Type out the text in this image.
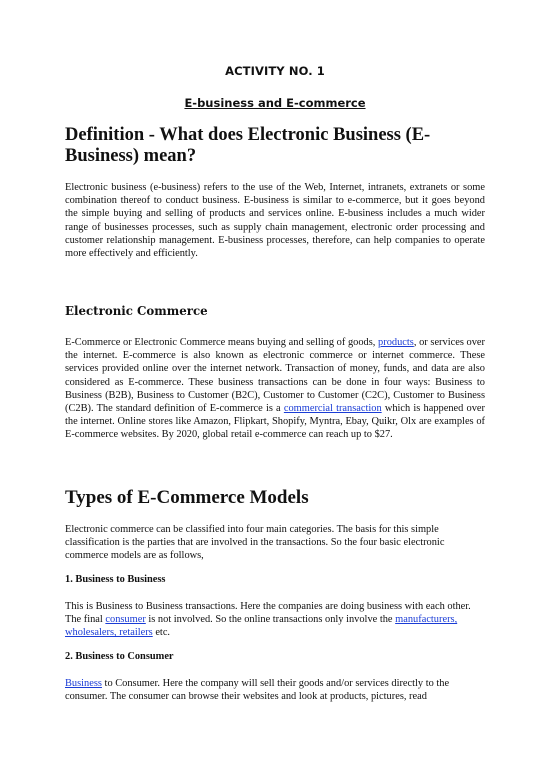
ACTIVITY NO. 1
E-business and E-commerce
Definition - What does Electronic Business (E-Business) mean?
Electronic business (e-business) refers to the use of the Web, Internet, intranets, extranets or some combination thereof to conduct business. E-business is similar to e-commerce, but it goes beyond the simple buying and selling of products and services online. E-business includes a much wider range of businesses processes, such as supply chain management, electronic order processing and customer relationship management. E-business processes, therefore, can help companies to operate more effectively and efficiently.
Electronic Commerce
E-Commerce or Electronic Commerce means buying and selling of goods, products, or services over the internet. E-commerce is also known as electronic commerce or internet commerce. These services provided online over the internet network. Transaction of money, funds, and data are also considered as E-commerce. These business transactions can be done in four ways: Business to Business (B2B), Business to Customer (B2C), Customer to Customer (C2C), Customer to Business (C2B). The standard definition of E-commerce is a commercial transaction which is happened over the internet. Online stores like Amazon, Flipkart, Shopify, Myntra, Ebay, Quikr, Olx are examples of E-commerce websites. By 2020, global retail e-commerce can reach up to $27.
Types of E-Commerce Models
Electronic commerce can be classified into four main categories. The basis for this simple classification is the parties that are involved in the transactions. So the four basic electronic commerce models are as follows,
1. Business to Business
This is Business to Business transactions. Here the companies are doing business with each other. The final consumer is not involved. So the online transactions only involve the manufacturers, wholesalers, retailers etc.
2. Business to Consumer
Business to Consumer. Here the company will sell their goods and/or services directly to the consumer. The consumer can browse their websites and look at products, pictures, read
